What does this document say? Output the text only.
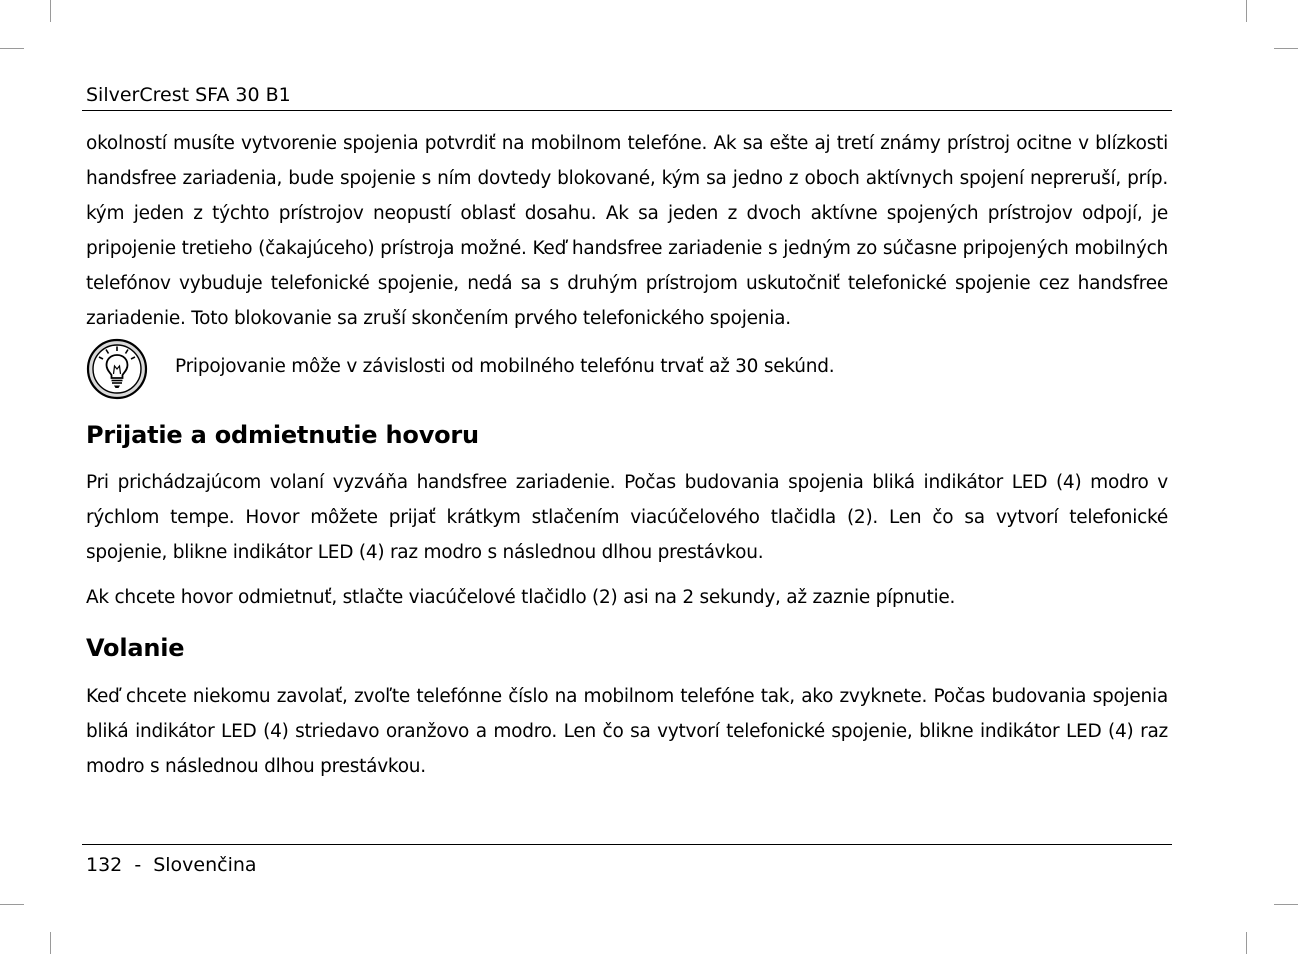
SilverCrest SFA 30 B1

okolností musíte vytvorenie spojenia potvrdiť na mobilnom telefóne. Ak sa ešte aj tretí známy prístroj ocitne v blízkosti handsfree zariadenia, bude spojenie s ním dovtedy blokované, kým sa jedno z oboch aktívnych spojení nepreruší, príp. kým jeden z týchto prístrojov neopustí oblasť dosahu. Ak sa jeden z dvoch aktívne spojených prístrojov odpojí, je pripojenie tretieho (čakajúceho) prístroja možné. Keď handsfree zariadenie s jedným zo súčasne pripojených mobilných telefónov vybuduje telefonické spojenie, nedá sa s druhým prístrojom uskutočniť telefonické spojenie cez handsfree zariadenie. Toto blokovanie sa zruší skončením prvého telefonického spojenia.

Pripojovanie môže v závislosti od mobilného telefónu trvať až 30 sekúnd.
Prijatie a odmietnutie hovoru

Pri prichádzajúcom volaní vyzváňa handsfree zariadenie. Počas budovania spojenia bliká indikátor LED (4) modro v rýchlom tempe. Hovor môžete prijať krátkym stlačením viacúčelového tlačidla (2). Len čo sa vytvorí telefonické spojenie, blikne indikátor LED (4) raz modro s následnou dlhou prestávkou.

Ak chcete hovor odmietnuť, stlačte viacúčelové tlačidlo (2) asi na 2 sekundy, až zaznie pípnutie.

Volanie

Keď chcete niekomu zavolať, zvoľte telefónne číslo na mobilnom telefóne tak, ako zvyknete. Počas budovania spojenia bliká indikátor LED (4) striedavo oranžovo a modro. Len čo sa vytvorí telefonické spojenie, blikne indikátor LED (4) raz modro s následnou dlhou prestávkou.

132 - Slovenčina
